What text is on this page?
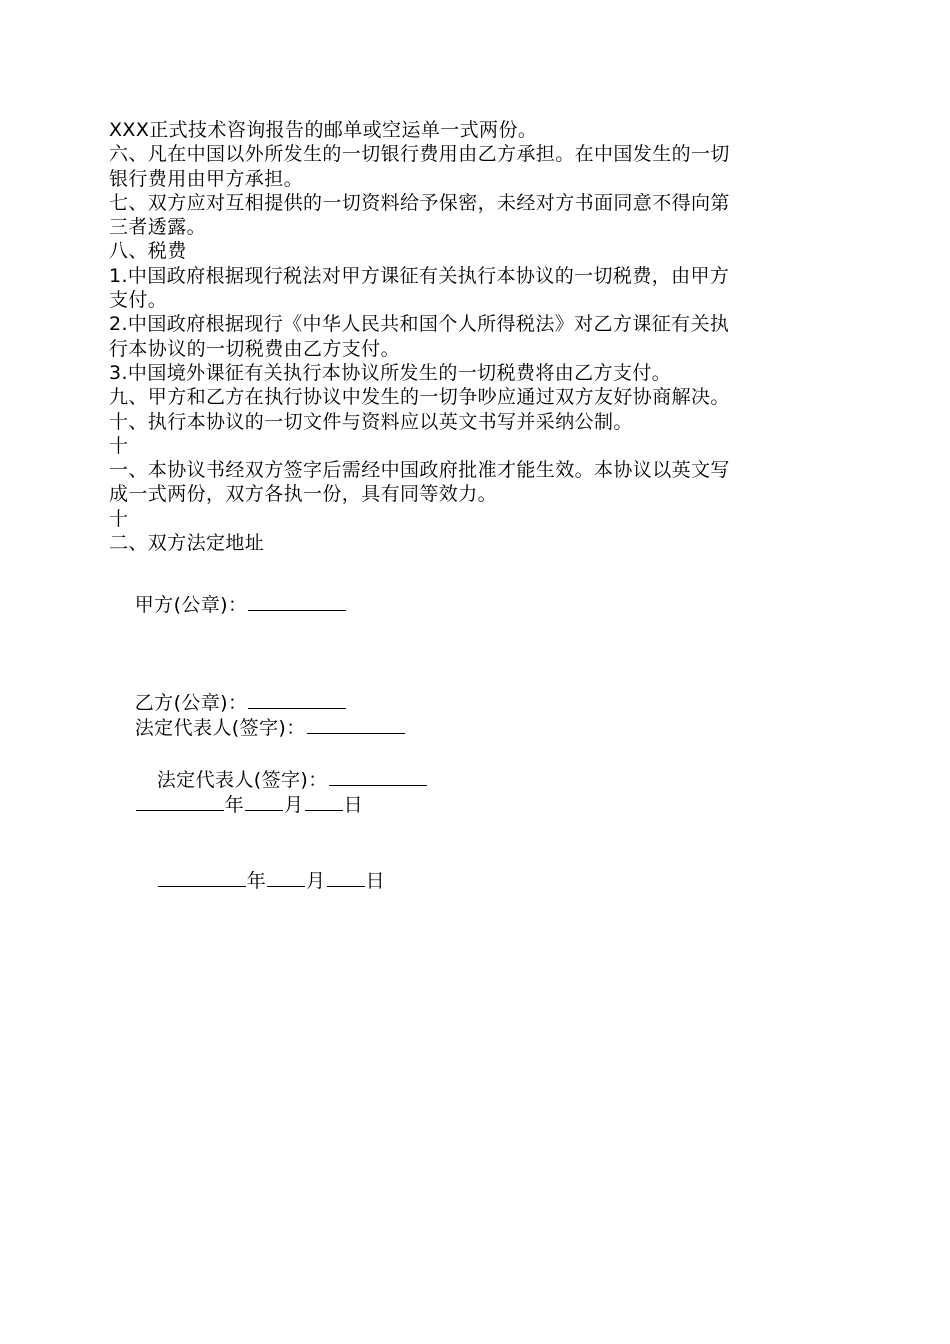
XXX正式技术咨询报告的邮单或空运单一式两份。
六、凡在中国以外所发生的一切银行费用由乙方承担。在中国发生的一切
银行费用由甲方承担。
七、双方应对互相提供的一切资料给予保密，未经对方书面同意不得向第
三者透露。
八、税费
1.中国政府根据现行税法对甲方课征有关执行本协议的一切税费，由甲方
支付。
2.中国政府根据现行《中华人民共和国个人所得税法》对乙方课征有关执
行本协议的一切税费由乙方支付。
3.中国境外课征有关执行本协议所发生的一切税费将由乙方支付。
九、甲方和乙方在执行协议中发生的一切争吵应通过双方友好协商解决。
十、执行本协议的一切文件与资料应以英文书写并采纳公制。
十
一、本协议书经双方签字后需经中国政府批准才能生效。本协议以英文写
成一式两份，双方各执一份，具有同等效力。
十
二、双方法定地址

甲方(公章)：

乙方(公章)：

法定代表人(签字)：

法定代表人(签字)：

年 月 日

年 月 日
